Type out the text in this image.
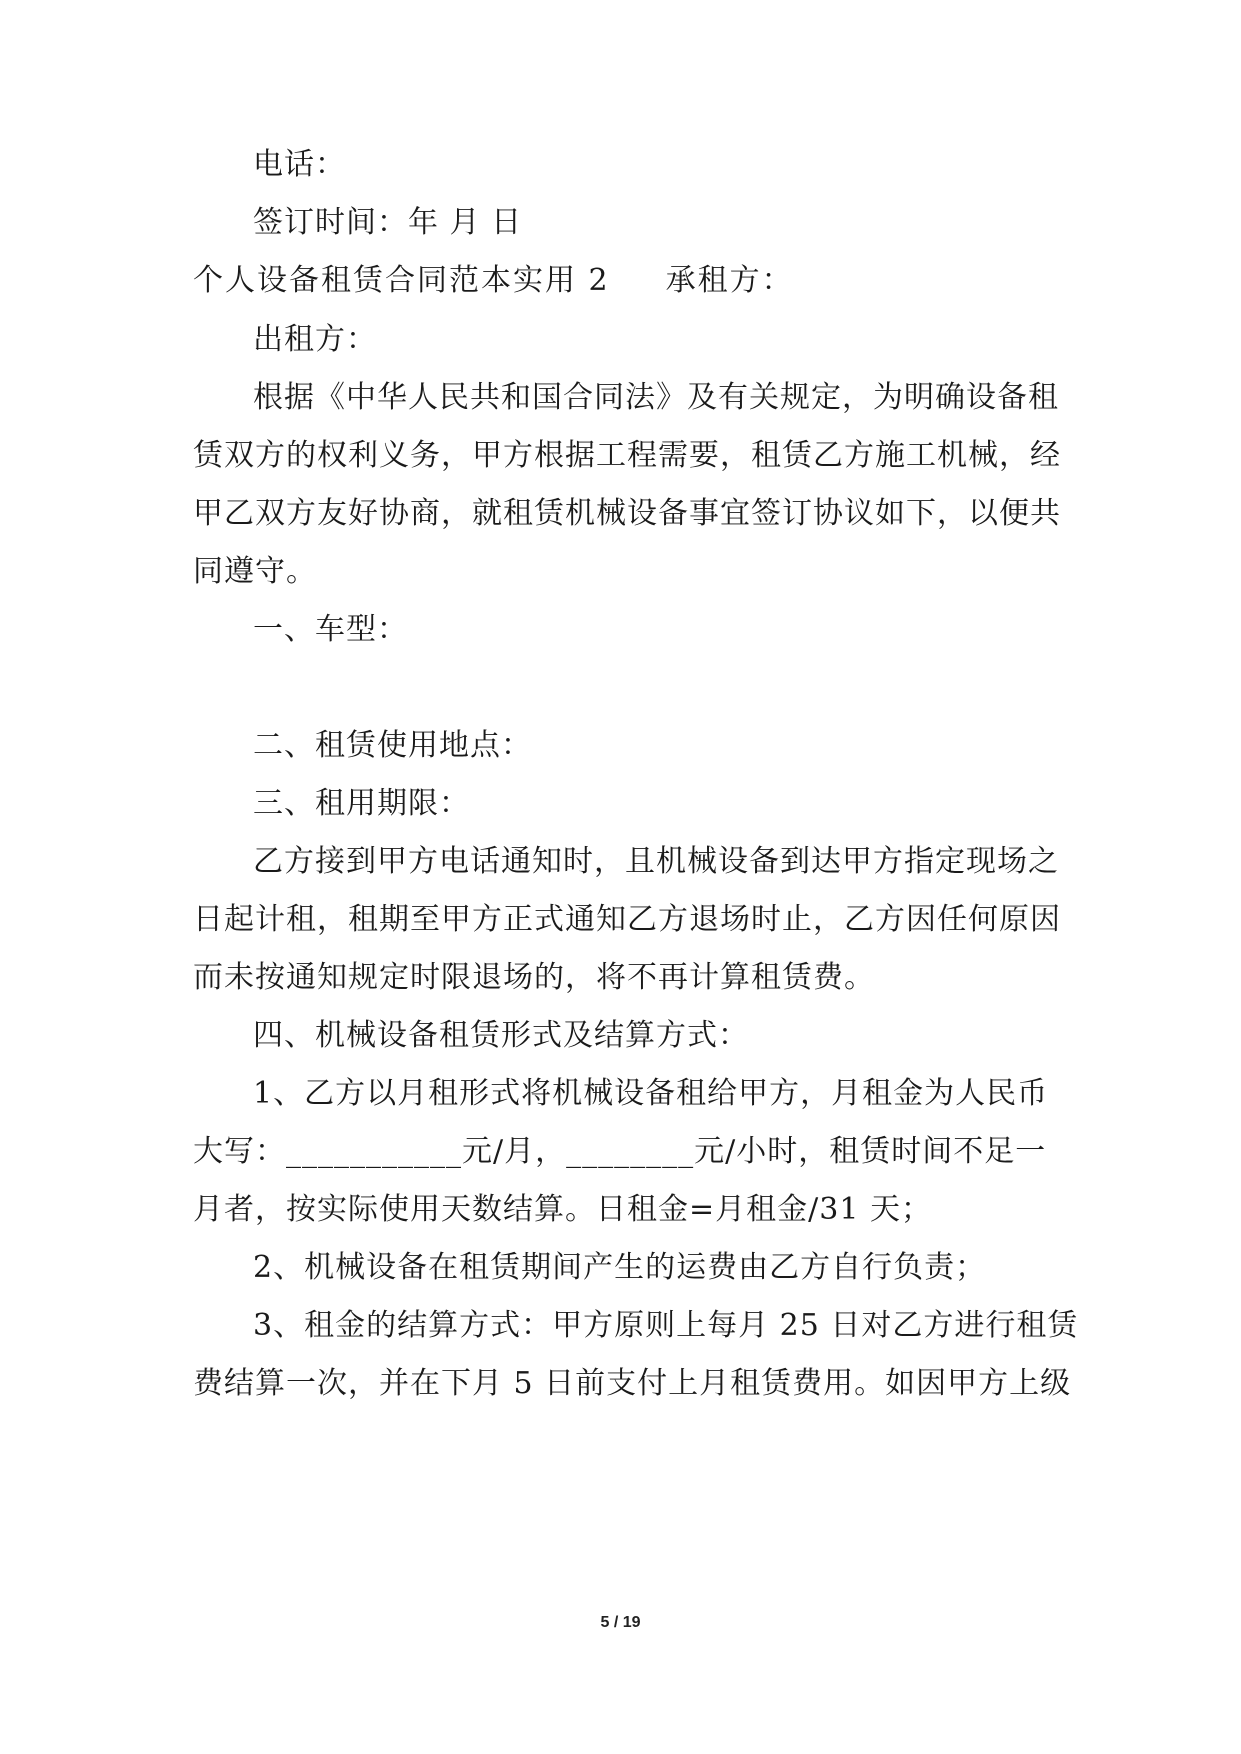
电话：

签订时间：年 月 日

个人设备租赁合同范本实用 2 承租方：

出租方：

根据《中华人民共和国合同法》及有关规定，为明确设备租

赁双方的权利义务，甲方根据工程需要，租赁乙方施工机械，经

甲乙双方友好协商，就租赁机械设备事宜签订协议如下，以便共

同遵守。

一、车型：

二、租赁使用地点：

三、租用期限：

乙方接到甲方电话通知时，且机械设备到达甲方指定现场之

日起计租，租期至甲方正式通知乙方退场时止，乙方因任何原因

而未按通知规定时限退场的，将不再计算租赁费。

四、机械设备租赁形式及结算方式：

1、乙方以月租形式将机械设备租给甲方，月租金为人民币

大写：___________元/月，________元/小时，租赁时间不足一

月者，按实际使用天数结算。日租金=月租金/31 天；

2、机械设备在租赁期间产生的运费由乙方自行负责；

3、租金的结算方式：甲方原则上每月 25 日对乙方进行租赁

费结算一次，并在下月 5 日前支付上月租赁费用。如因甲方上级

5 / 19
